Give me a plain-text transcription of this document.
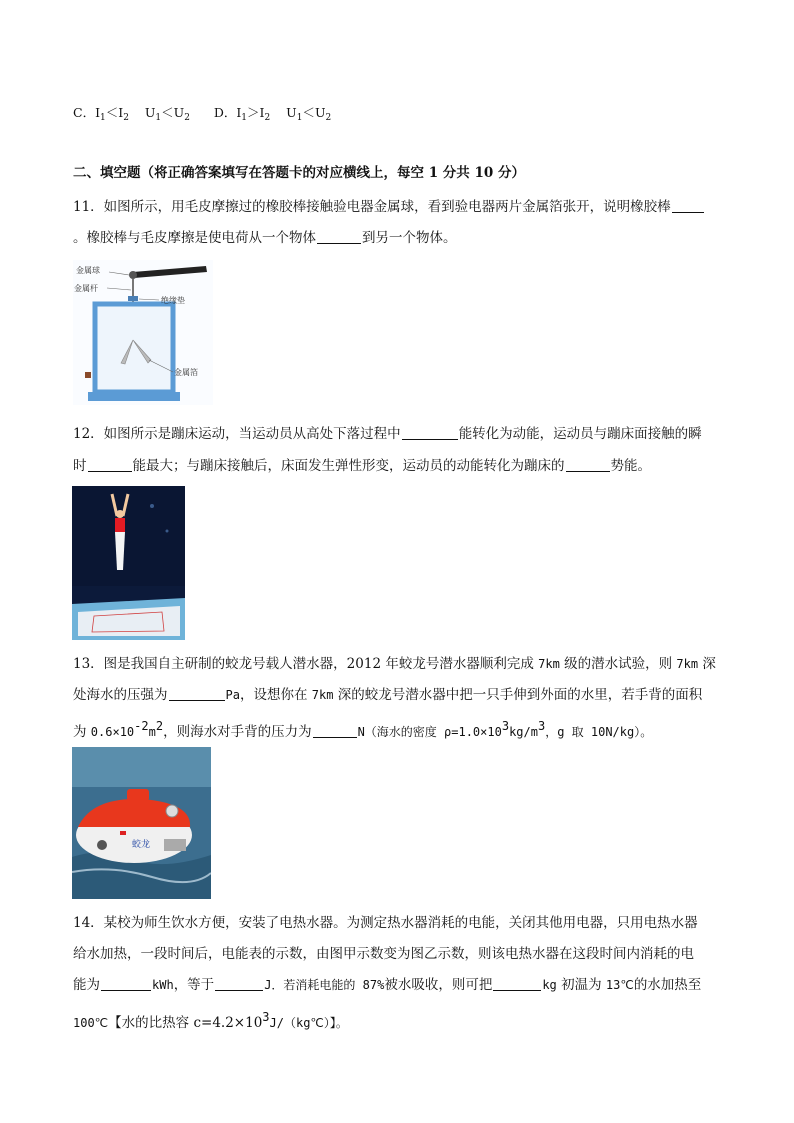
C．$I_1<I_2$ $U_1<U_2$ D．$I_1>I_2$ $U_1<U_2$
二、填空题（将正确答案填写在答题卡的对应横线上，每空 1 分共 10 分）
11．如图所示，用毛皮摩擦过的橡胶棒接触验电器金属球，看到验电器两片金属箔张开，说明橡胶棒
。橡胶棒与毛皮摩擦是使电荷从一个物体	到另一个物体。
金属球
金属杆
绝缘垫
金属箔
12．如图所示是蹦床运动，当运动员从高处下落过程中	能转化为动能，运动员与蹦床面接触的瞬
时	能最大；与蹦床接触后，床面发生弹性形变，运动员的动能转化为蹦床的	势能。
13．图是我国自主研制的蛟龙号载人潜水器，2012 年蛟龙号潜水器顺利完成 7km 级的潜水试验，则 7km 深
处海水的压强为	Pa，设想你在 7km 深的蛟龙号潜水器中把一只手伸到外面的水里，若手背的面积
为 0.6×10-2m2，则海水对手背的压力为	N（海水的密度 ρ=1.0×103kg/m3，g 取 10N/kg）。
蛟龙
14．某校为师生饮水方便，安装了电热水器。为测定热水器消耗的电能，关闭其他用电器，只用电热水器
给水加热，一段时间后，电能表的示数，由图甲示数变为图乙示数，则该电热水器在这段时间内消耗的电
能为	kWh，等于	J．若消耗电能的 87%被水吸收，则可把	kg 初温为 13℃的水加热至
100℃【水的比热容 c=4.2×103J/（kg℃）】。
